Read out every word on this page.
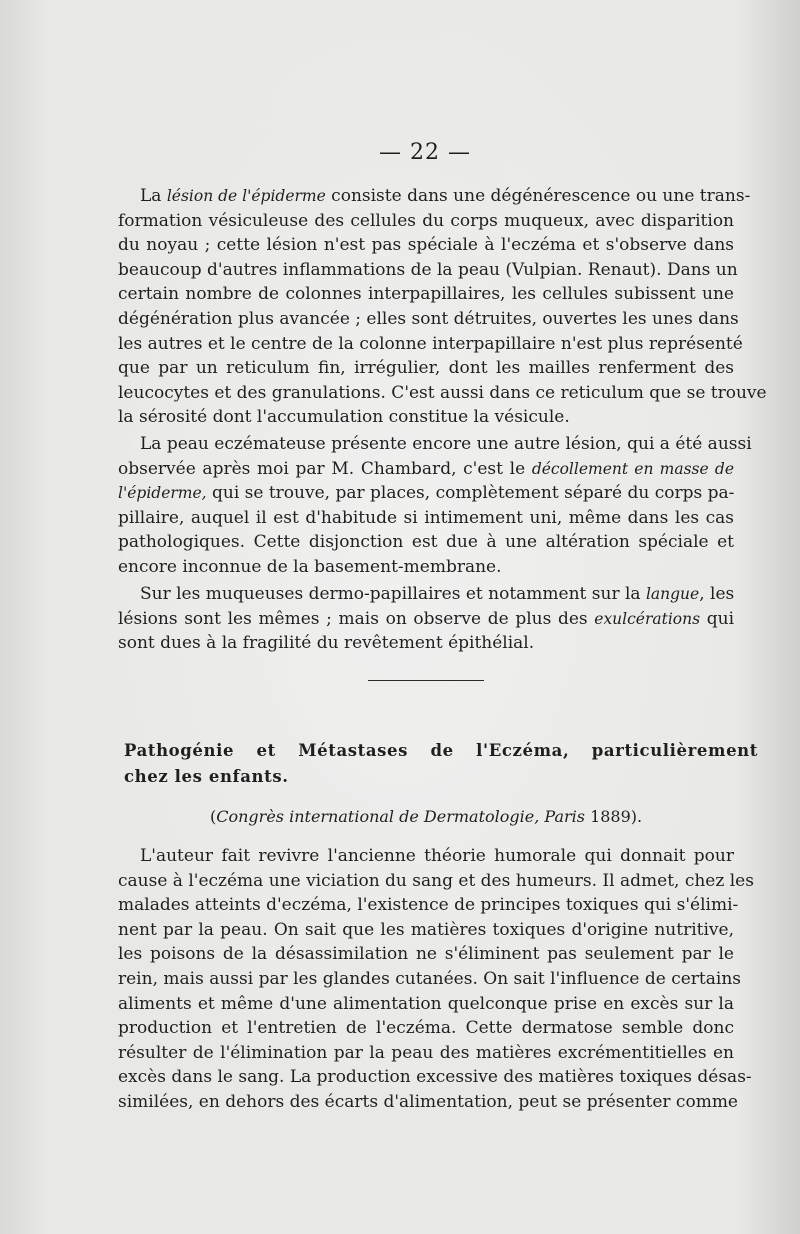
— 22 —
La lésion de l'épiderme consiste dans une dégénérescence ou une trans-
formation vésiculeuse des cellules du corps muqueux, avec disparition
du noyau ; cette lésion n'est pas spéciale à l'eczéma et s'observe dans
beaucoup d'autres inflammations de la peau (Vulpian. Renaut). Dans un
certain nombre de colonnes interpapillaires, les cellules subissent une
dégénération plus avancée ; elles sont détruites, ouvertes les unes dans
les autres et le centre de la colonne interpapillaire n'est plus représenté
que par un reticulum fin, irrégulier, dont les mailles renferment des
leucocytes et des granulations. C'est aussi dans ce reticulum que se trouve
la sérosité dont l'accumulation constitue la vésicule.
La peau eczémateuse présente encore une autre lésion, qui a été aussi
observée après moi par M. Chambard, c'est le décollement en masse de
l'épiderme, qui se trouve, par places, complètement séparé du corps pa-
pillaire, auquel il est d'habitude si intimement uni, même dans les cas
pathologiques. Cette disjonction est due à une altération spéciale et
encore inconnue de la basement-membrane.
Sur les muqueuses dermo-papillaires et notamment sur la langue, les
lésions sont les mêmes ; mais on observe de plus des exulcérations qui
sont dues à la fragilité du revêtement épithélial.
Pathogénie et Métastases de l'Eczéma, particulièrement
chez les enfants.
(Congrès international de Dermatologie, Paris 1889).
L'auteur fait revivre l'ancienne théorie humorale qui donnait pour
cause à l'eczéma une viciation du sang et des humeurs. Il admet, chez les
malades atteints d'eczéma, l'existence de principes toxiques qui s'élimi-
nent par la peau. On sait que les matières toxiques d'origine nutritive,
les poisons de la désassimilation ne s'éliminent pas seulement par le
rein, mais aussi par les glandes cutanées. On sait l'influence de certains
aliments et même d'une alimentation quelconque prise en excès sur la
production et l'entretien de l'eczéma. Cette dermatose semble donc
résulter de l'élimination par la peau des matières excrémentitielles en
excès dans le sang. La production excessive des matières toxiques désas-
similées, en dehors des écarts d'alimentation, peut se présenter comme
